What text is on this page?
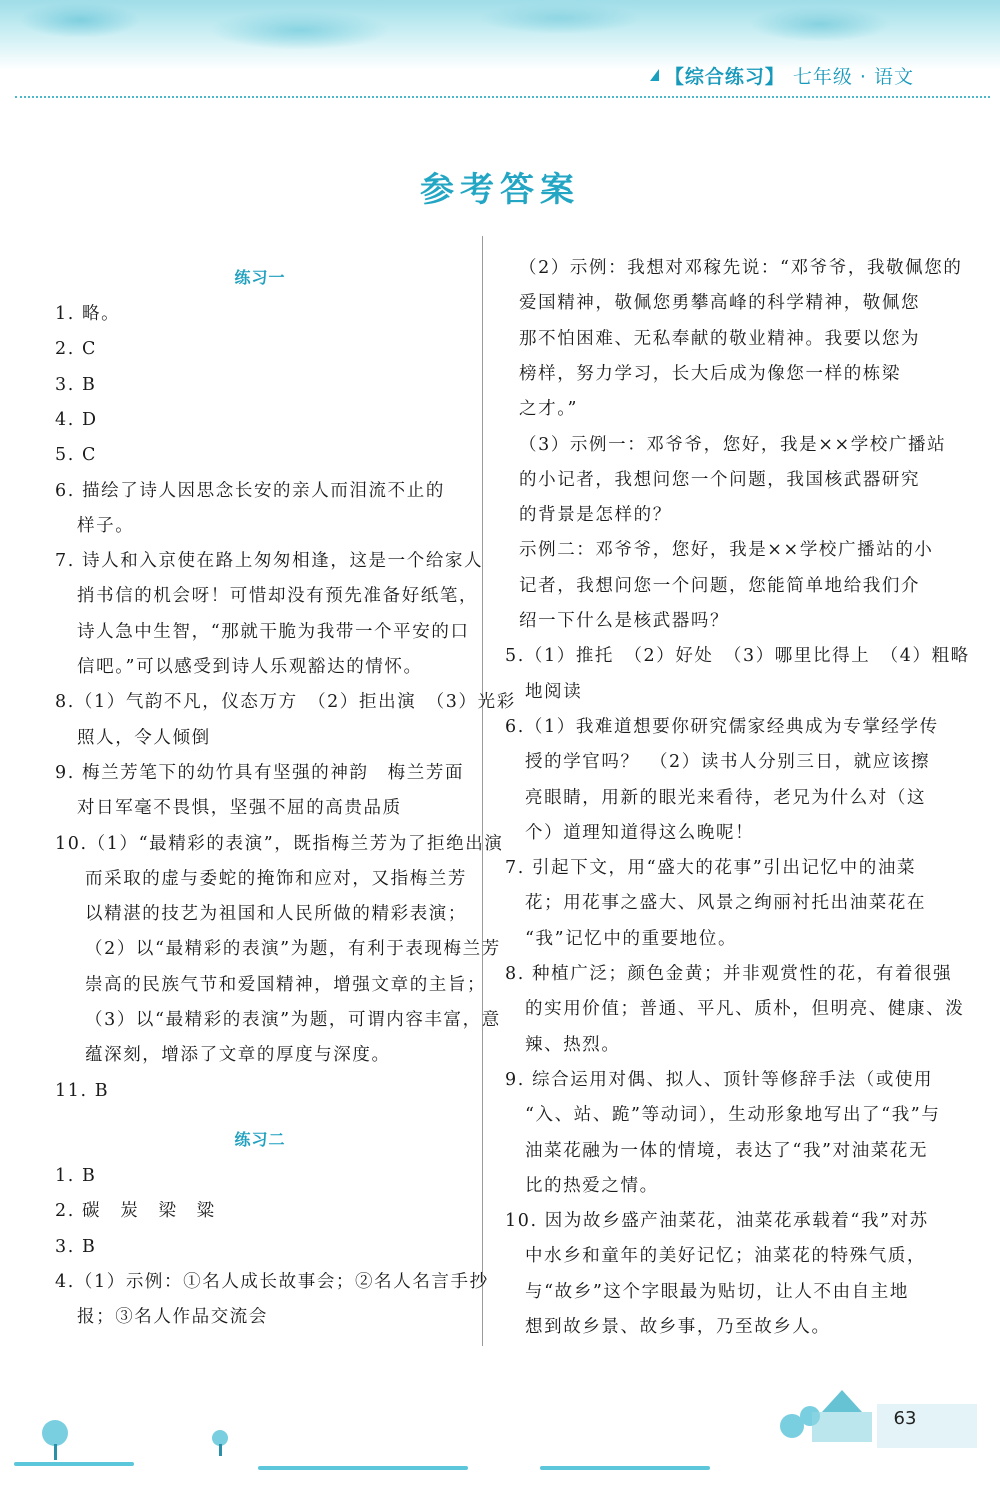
【综合练习】 七年级 · 语文
参考答案
练习一
1. 略。
2. C
3. B
4. D
5. C
6. 描绘了诗人因思念长安的亲人而泪流不止的
样子。
7. 诗人和入京使在路上匆匆相逢，这是一个给家人
捎书信的机会呀！可惜却没有预先准备好纸笔，
诗人急中生智，“那就干脆为我带一个平安的口
信吧。”可以感受到诗人乐观豁达的情怀。
8.（1）气韵不凡，仪态万方　（2）拒出演　（3）光彩
照人，令人倾倒
9. 梅兰芳笔下的幼竹具有坚强的神韵　梅兰芳面
对日军毫不畏惧，坚强不屈的高贵品质
10.（1）“最精彩的表演”，既指梅兰芳为了拒绝出演
而采取的虚与委蛇的掩饰和应对，又指梅兰芳
以精湛的技艺为祖国和人民所做的精彩表演；
（2）以“最精彩的表演”为题，有利于表现梅兰芳
崇高的民族气节和爱国精神，增强文章的主旨；
（3）以“最精彩的表演”为题，可谓内容丰富，意
蕴深刻，增添了文章的厚度与深度。
11. B
练习二
1. B
2. 碳　炭　梁　粱
3. B
4.（1）示例：①名人成长故事会；②名人名言手抄
报；③名人作品交流会
（2）示例：我想对邓稼先说：“邓爷爷，我敬佩您的
爱国精神，敬佩您勇攀高峰的科学精神，敬佩您
那不怕困难、无私奉献的敬业精神。我要以您为
榜样，努力学习，长大后成为像您一样的栋梁
之才。”
（3）示例一：邓爷爷，您好，我是××学校广播站
的小记者，我想问您一个问题，我国核武器研究
的背景是怎样的？
示例二：邓爷爷，您好，我是××学校广播站的小
记者，我想问您一个问题，您能简单地给我们介
绍一下什么是核武器吗？
5.（1）推托　（2）好处　（3）哪里比得上　（4）粗略
地阅读
6.（1）我难道想要你研究儒家经典成为专掌经学传
授的学官吗？　（2）读书人分别三日，就应该擦
亮眼睛，用新的眼光来看待，老兄为什么对（这
个）道理知道得这么晚呢！
7. 引起下文，用“盛大的花事”引出记忆中的油菜
花；用花事之盛大、风景之绚丽衬托出油菜花在
“我”记忆中的重要地位。
8. 种植广泛；颜色金黄；并非观赏性的花，有着很强
的实用价值；普通、平凡、质朴，但明亮、健康、泼
辣、热烈。
9. 综合运用对偶、拟人、顶针等修辞手法（或使用
“入、站、跪”等动词），生动形象地写出了“我”与
油菜花融为一体的情境，表达了“我”对油菜花无
比的热爱之情。
10. 因为故乡盛产油菜花，油菜花承载着“我”对苏
中水乡和童年的美好记忆；油菜花的特殊气质，
与“故乡”这个字眼最为贴切，让人不由自主地
想到故乡景、故乡事，乃至故乡人。
63
